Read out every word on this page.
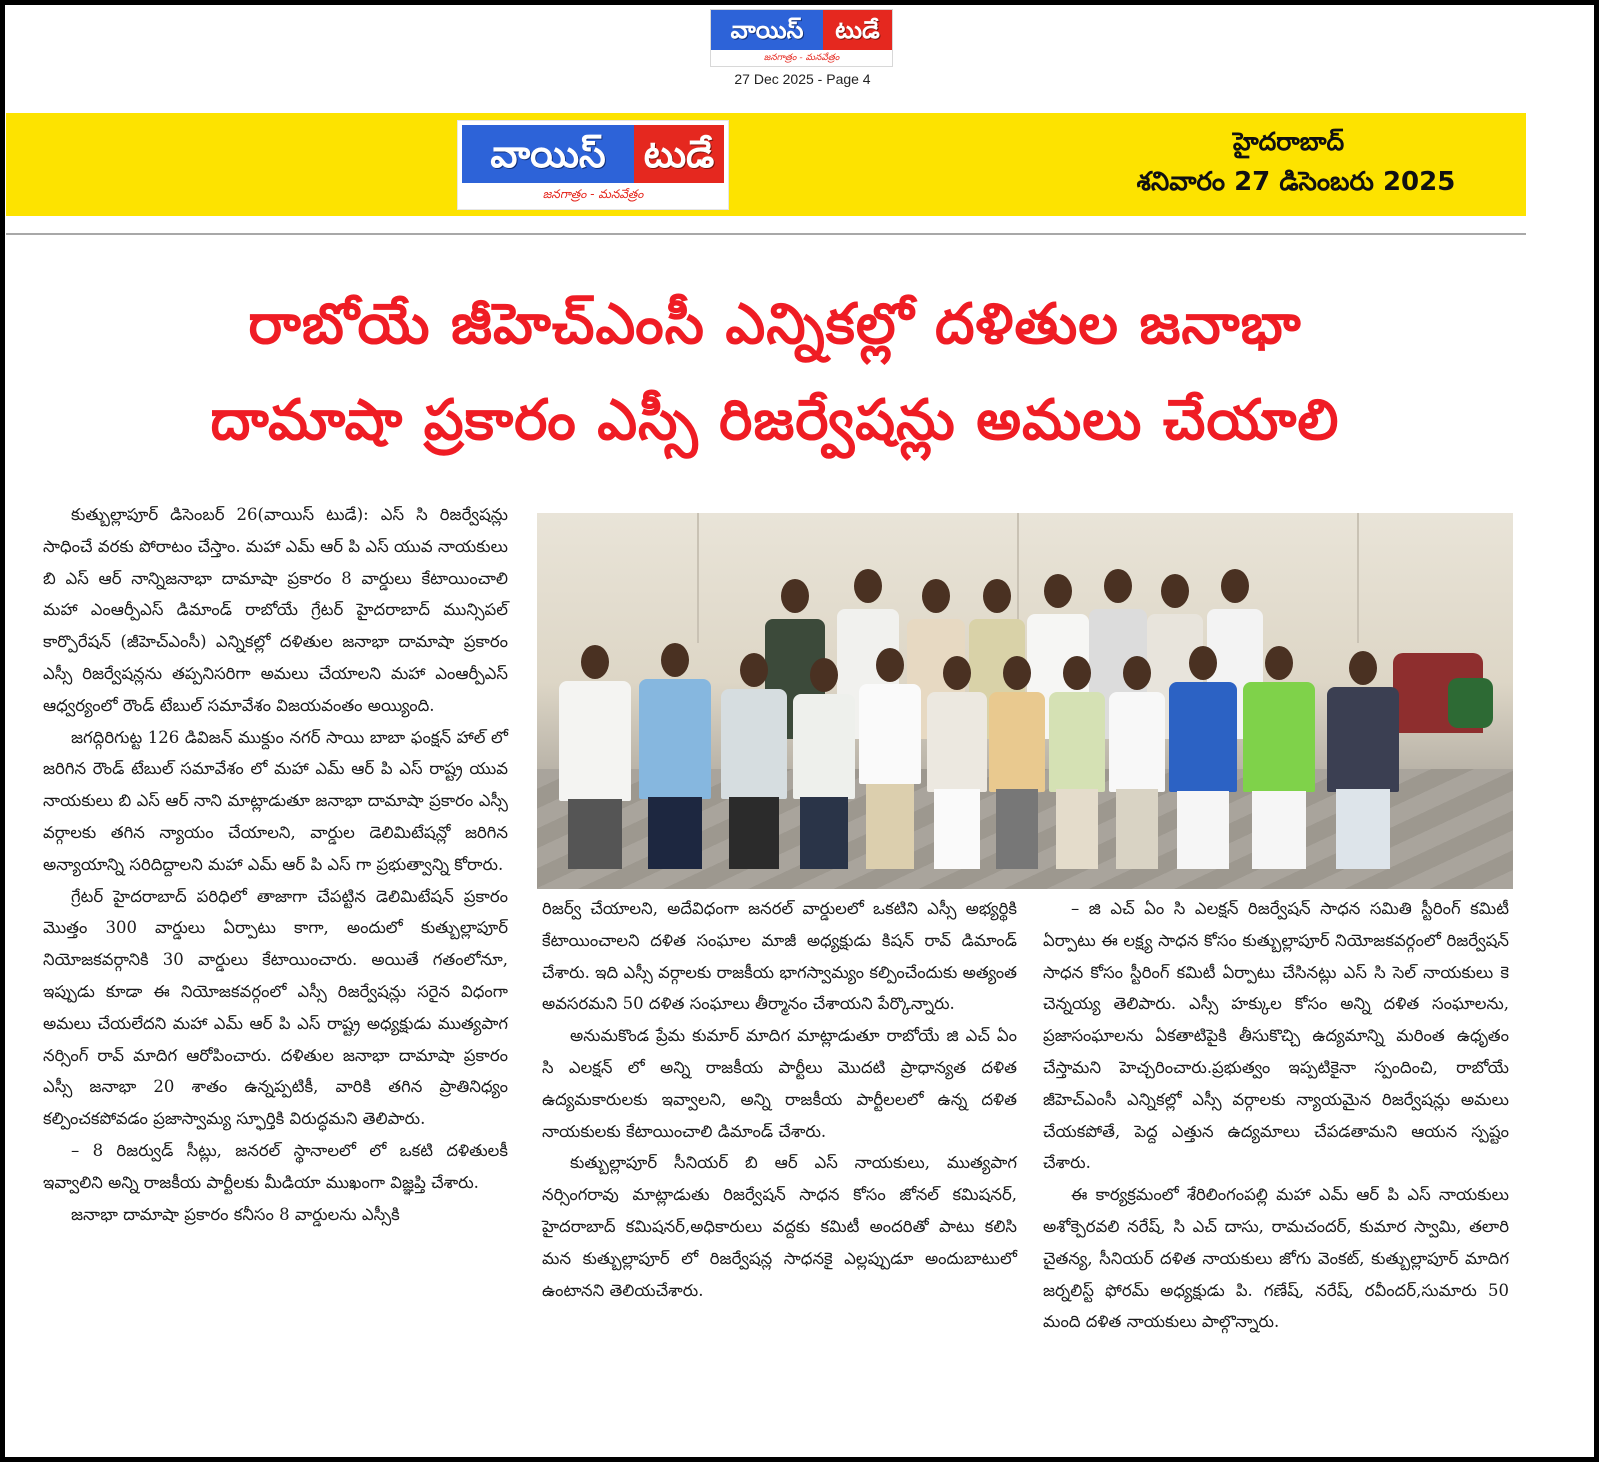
వాయిస్	టుడే
జనగాత్రం - మనవేత్రం
27 Dec 2025 - Page 4
వాయిస్	టుడే
జనగాత్రం - మనవేత్రం
హైదరాబాద్
శనివారం 27 డిసెంబరు 2025
రాబోయే జీహెచ్ఎంసీ ఎన్నికల్లో దళితుల జనాభా
దామాషా ప్రకారం ఎస్సీ రిజర్వేషన్లు అమలు చేయాలి

కుత్బుల్లాపూర్ డిసెంబర్ 26(వాయిస్ టుడే): ఎస్ సి రిజర్వేషన్లు సాధించే వరకు పోరాటం చేస్తాం. మహా ఎమ్ ఆర్ పి ఎస్ యువ నాయకులు బి ఎస్ ఆర్ నాన్నిజనాభా దామాషా ప్రకారం 8 వార్డులు కేటాయించాలి మహా ఎంఆర్పీఎస్ డిమాండ్ రాబోయే గ్రేటర్ హైదరాబాద్ మున్సిపల్ కార్పొరేషన్ (జీహెచ్ఎంసీ) ఎన్నికల్లో దళితుల జనాభా దామాషా ప్రకారం ఎస్సీ రిజర్వేషన్లను తప్పనిసరిగా అమలు చేయాలని మహా ఎంఆర్పీఎస్ ఆధ్వర్యంలో రౌండ్ టేబుల్ సమావేశం విజయవంతం అయ్యింది.

జగద్గిరిగుట్ట 126 డివిజన్ ముక్దుం నగర్ సాయి బాబా ఫంక్షన్ హాల్ లో జరిగిన రౌండ్ టేబుల్ సమావేశం లో మహా ఎమ్ ఆర్ పి ఎస్ రాష్ట్ర యువ నాయకులు బి ఎస్ ఆర్ నాని మాట్లాడుతూ జనాభా దామాషా ప్రకారం ఎస్సీ వర్గాలకు తగిన న్యాయం చేయాలని, వార్డుల డెలిమిటేషన్లో జరిగిన అన్యాయాన్ని సరిదిద్దాలని మహా ఎమ్ ఆర్ పి ఎస్ గా ప్రభుత్వాన్ని కోరారు.

గ్రేటర్ హైదరాబాద్ పరిధిలో తాజాగా చేపట్టిన డెలిమిటేషన్ ప్రకారం మొత్తం 300 వార్డులు ఏర్పాటు కాగా, అందులో కుత్బుల్లాపూర్ నియోజకవర్గానికి 30 వార్డులు కేటాయించారు. అయితే గతంలోనూ, ఇప్పుడు కూడా ఈ నియోజకవర్గంలో ఎస్సీ రిజర్వేషన్లు సరైన విధంగా అమలు చేయలేదని మహా ఎమ్ ఆర్ పి ఎస్ రాష్ట్ర అధ్యక్షుడు ముత్యపాగ నర్సింగ్ రావ్ మాదిగ ఆరోపించారు. దళితుల జనాభా దామాషా ప్రకారం ఎస్సీ జనాభా 20 శాతం ఉన్నప్పటికీ, వారికి తగిన ప్రాతినిధ్యం కల్పించకపోవడం ప్రజాస్వామ్య స్ఫూర్తికి విరుద్ధమని తెలిపారు.

– 8 రిజర్వుడ్ సీట్లు, జనరల్ స్థానాలలో లో ఒకటి దళితులకీ ఇవ్వాలిని అన్ని రాజకీయ పార్టీలకు మీడియా ముఖంగా విజ్ఞప్తి చేశారు.

జనాభా దామాషా ప్రకారం కనీసం 8 వార్డులను ఎస్సీకి

రిజర్వ్ చేయాలని, అదేవిధంగా జనరల్ వార్డులలో ఒకటిని ఎస్సీ అభ్యర్థికి కేటాయించాలని దళిత సంఘాల మాజీ అధ్యక్షుడు కిషన్ రావ్ డిమాండ్ చేశారు. ఇది ఎస్సీ వర్గాలకు రాజకీయ భాగస్వామ్యం కల్పించేందుకు అత్యంత అవసరమని 50 దళిత సంఘాలు తీర్మానం చేశాయని పేర్కొన్నారు.

అనుమకొండ ప్రేమ కుమార్ మాదిగ మాట్లాడుతూ రాబోయే జి ఎచ్ ఏం సి ఎలక్షన్ లో అన్ని రాజకీయ పార్టీలు మొదటి ప్రాధాన్యత దళిత ఉద్యమకారులకు ఇవ్వాలని, అన్ని రాజకీయ పార్టీలలలో ఉన్న దళిత నాయకులకు కేటాయించాలి డిమాండ్ చేశారు.

కుత్బుల్లాపూర్ సీనియర్ బి ఆర్ ఎస్ నాయకులు, ముత్యపాగ నర్సింగరావు మాట్లాడుతు రిజర్వేషన్ సాధన కోసం జోనల్ కమిషనర్, హైదరాబాద్ కమిషనర్,అధికారులు వద్దకు కమిటీ అందరితో పాటు కలిసి మన కుత్బుల్లాపూర్ లో రిజర్వేషన్ల సాధనకై ఎల్లప్పుడూ అందుబాటులో ఉంటానని తెలియచేశారు.

– జి ఎచ్ ఏం సి ఎలక్షన్ రిజర్వేషన్ సాధన సమితి స్టీరింగ్ కమిటీ ఏర్పాటు ఈ లక్ష్య సాధన కోసం కుత్బుల్లాపూర్ నియోజకవర్గంలో రిజర్వేషన్ సాధన కోసం స్టీరింగ్ కమిటీ ఏర్పాటు చేసినట్లు ఎస్ సి సెల్ నాయకులు కె చెన్నయ్య తెలిపారు. ఎస్సీ హక్కుల కోసం అన్ని దళిత సంఘాలను, ప్రజాసంఘాలను ఏకతాటిపైకి తీసుకొచ్చి ఉద్యమాన్ని మరింత ఉధృతం చేస్తామని హెచ్చరించారు.ప్రభుత్వం ఇప్పటికైనా స్పందించి, రాబోయే జీహెచ్ఎంసీ ఎన్నికల్లో ఎస్సీ వర్గాలకు న్యాయమైన రిజర్వేషన్లు అమలు చేయకపోతే, పెద్ద ఎత్తున ఉద్యమాలు చేపడతామని ఆయన స్పష్టం చేశారు.

ఈ కార్యక్రమంలో శేరిలింగంపల్లి మహా ఎమ్ ఆర్ పి ఎస్ నాయకులు అశోక్పెరవలి నరేష్, సి ఎచ్ దాసు, రామచందర్, కుమార స్వామి, తలారి చైతన్య, సీనియర్ దళిత నాయకులు జోగు వెంకట్, కుత్బుల్లాపూర్ మాదిగ జర్నలిస్ట్ ఫోరమ్ అధ్యక్షుడు పి. గణేష్, నరేష్, రవీందర్,సుమారు 50 మంది దళిత నాయకులు పాల్గొన్నారు.
